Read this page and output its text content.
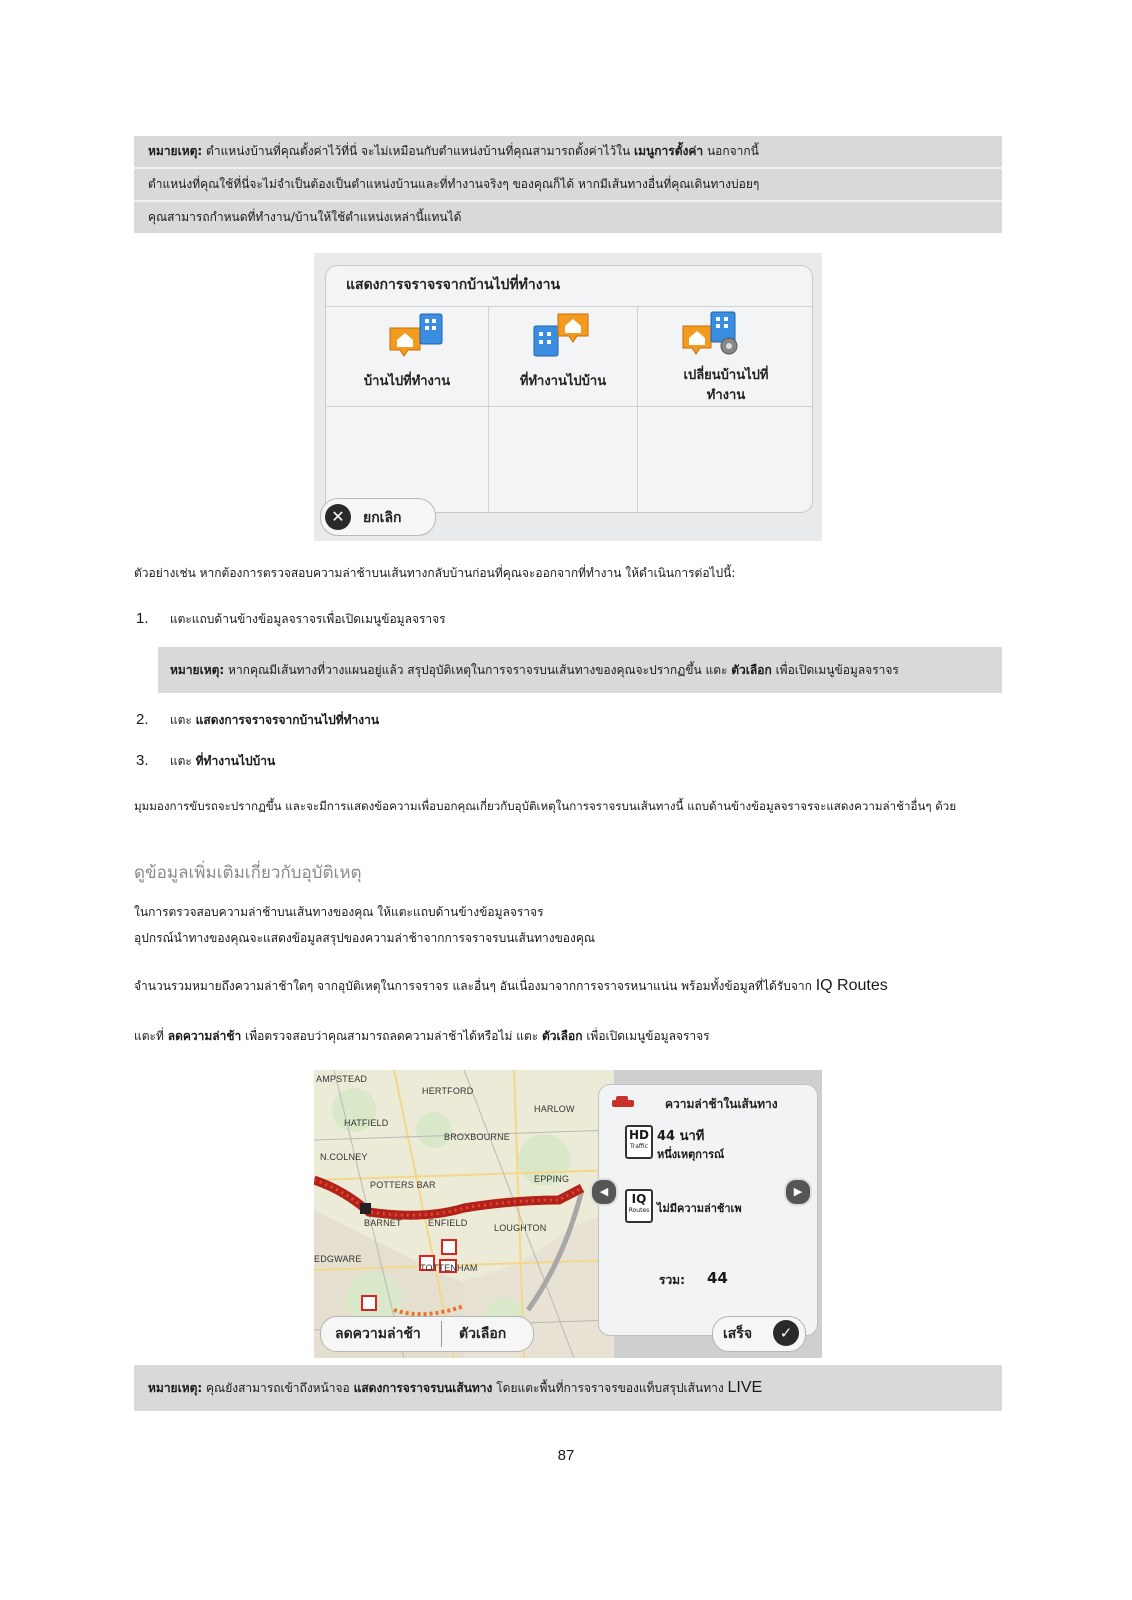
หมายเหตุ: ตำแหน่งบ้านที่คุณตั้งค่าไว้ที่นี่ จะไม่เหมือนกับตำแหน่งบ้านที่คุณสามารถตั้งค่าไว้ใน เมนูการตั้งค่า นอกจากนี้
ตำแหน่งที่คุณใช้ที่นี่จะไม่จำเป็นต้องเป็นตำแหน่งบ้านและที่ทำงานจริงๆ ของคุณก็ได้ หากมีเส้นทางอื่นที่คุณเดินทางบ่อยๆ
คุณสามารถกำหนดที่ทำงาน/บ้านให้ใช้ตำแหน่งเหล่านี้แทนได้
แสดงการจราจรจากบ้านไปที่ทำงาน
บ้านไปที่ทำงาน	ที่ทำงานไปบ้าน	เปลี่ยนบ้านไปที่
ทำงาน
✕	ยกเลิก
ตัวอย่างเช่น หากต้องการตรวจสอบความล่าช้าบนเส้นทางกลับบ้านก่อนที่คุณจะออกจากที่ทำงาน ให้ดำเนินการต่อไปนี้:
1. แตะแถบด้านข้างข้อมูลจราจรเพื่อเปิดเมนูข้อมูลจราจร
หมายเหตุ: หากคุณมีเส้นทางที่วางแผนอยู่แล้ว สรุปอุบัติเหตุในการจราจรบนเส้นทางของคุณจะปรากฏขึ้น แตะ ตัวเลือก เพื่อเปิดเมนูข้อมูลจราจร
2. แตะ แสดงการจราจรจากบ้านไปที่ทำงาน
3. แตะ ที่ทำงานไปบ้าน
มุมมองการขับรถจะปรากฏขึ้น และจะมีการแสดงข้อความเพื่อบอกคุณเกี่ยวกับอุบัติเหตุในการจราจรบนเส้นทางนี้ แถบด้านข้างข้อมูลจราจรจะแสดงความล่าช้าอื่นๆ ด้วย
ดูข้อมูลเพิ่มเติมเกี่ยวกับอุบัติเหตุ
ในการตรวจสอบความล่าช้าบนเส้นทางของคุณ ให้แตะแถบด้านข้างข้อมูลจราจร
อุปกรณ์นำทางของคุณจะแสดงข้อมูลสรุปของความล่าช้าจากการจราจรบนเส้นทางของคุณ
จำนวนรวมหมายถึงความล่าช้าใดๆ จากอุบัติเหตุในการจราจร และอื่นๆ อันเนื่องมาจากการจราจรหนาแน่น พร้อมทั้งข้อมูลที่ได้รับจาก IQ Routes
แตะที่ ลดความล่าช้า เพื่อตรวจสอบว่าคุณสามารถลดความล่าช้าได้หรือไม่ แตะ ตัวเลือก เพื่อเปิดเมนูข้อมูลจราจร
AMPSTEAD
HERTFORD
HARLOW
HATFIELD
BROXBOURNE
N.COLNEY
EPPING
POTTERS BAR
BARNET	ENFIELD	LOUGHTON
EDGWARE
TOTTENHAM
ความล่าช้าในเส้นทาง
HD
Traffic
44 นาที
หนึ่งเหตุการณ์
IQ
Routes ไม่มีความล่าช้าเพ
รวม: 44
◀	▶
ลดความล่าช้า	ตัวเลือก	เสร็จ	✓
หมายเหตุ: คุณยังสามารถเข้าถึงหน้าจอ แสดงการจราจรบนเส้นทาง โดยแตะพื้นที่การจราจรของแท็บสรุปเส้นทาง LIVE
87
